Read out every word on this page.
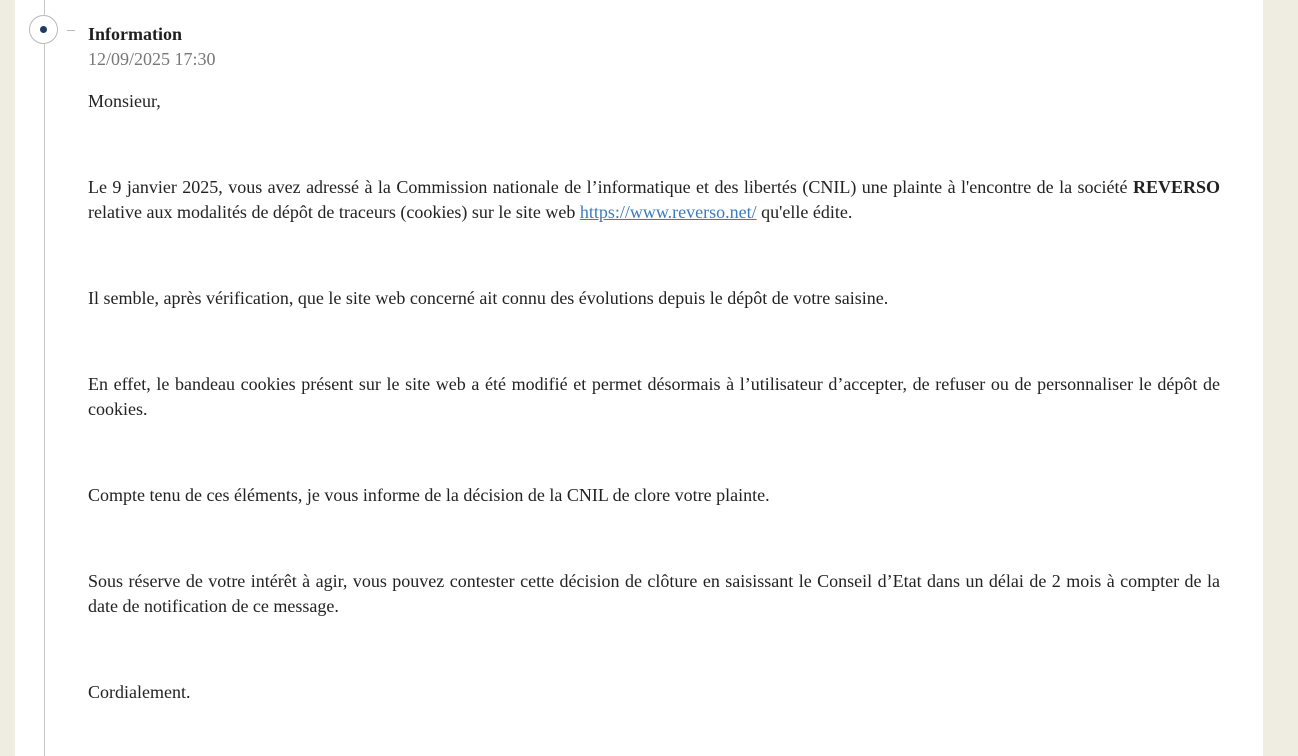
Information
12/09/2025 17:30

Monsieur,

Le 9 janvier 2025, vous avez adressé à la Commission nationale de l’informatique et des libertés (CNIL) une plainte à l'encontre de la société REVERSO relative aux modalités de dépôt de traceurs (cookies) sur le site web https://www.reverso.net/ qu'elle édite.

Il semble, après vérification, que le site web concerné ait connu des évolutions depuis le dépôt de votre saisine.

En effet, le bandeau cookies présent sur le site web a été modifié et permet désormais à l’utilisateur d’accepter, de refuser ou de personnaliser le dépôt de cookies.

Compte tenu de ces éléments, je vous informe de la décision de la CNIL de clore votre plainte.

Sous réserve de votre intérêt à agir, vous pouvez contester cette décision de clôture en saisissant le Conseil d’Etat dans un délai de 2 mois à compter de la date de notification de ce message.

Cordialement.
